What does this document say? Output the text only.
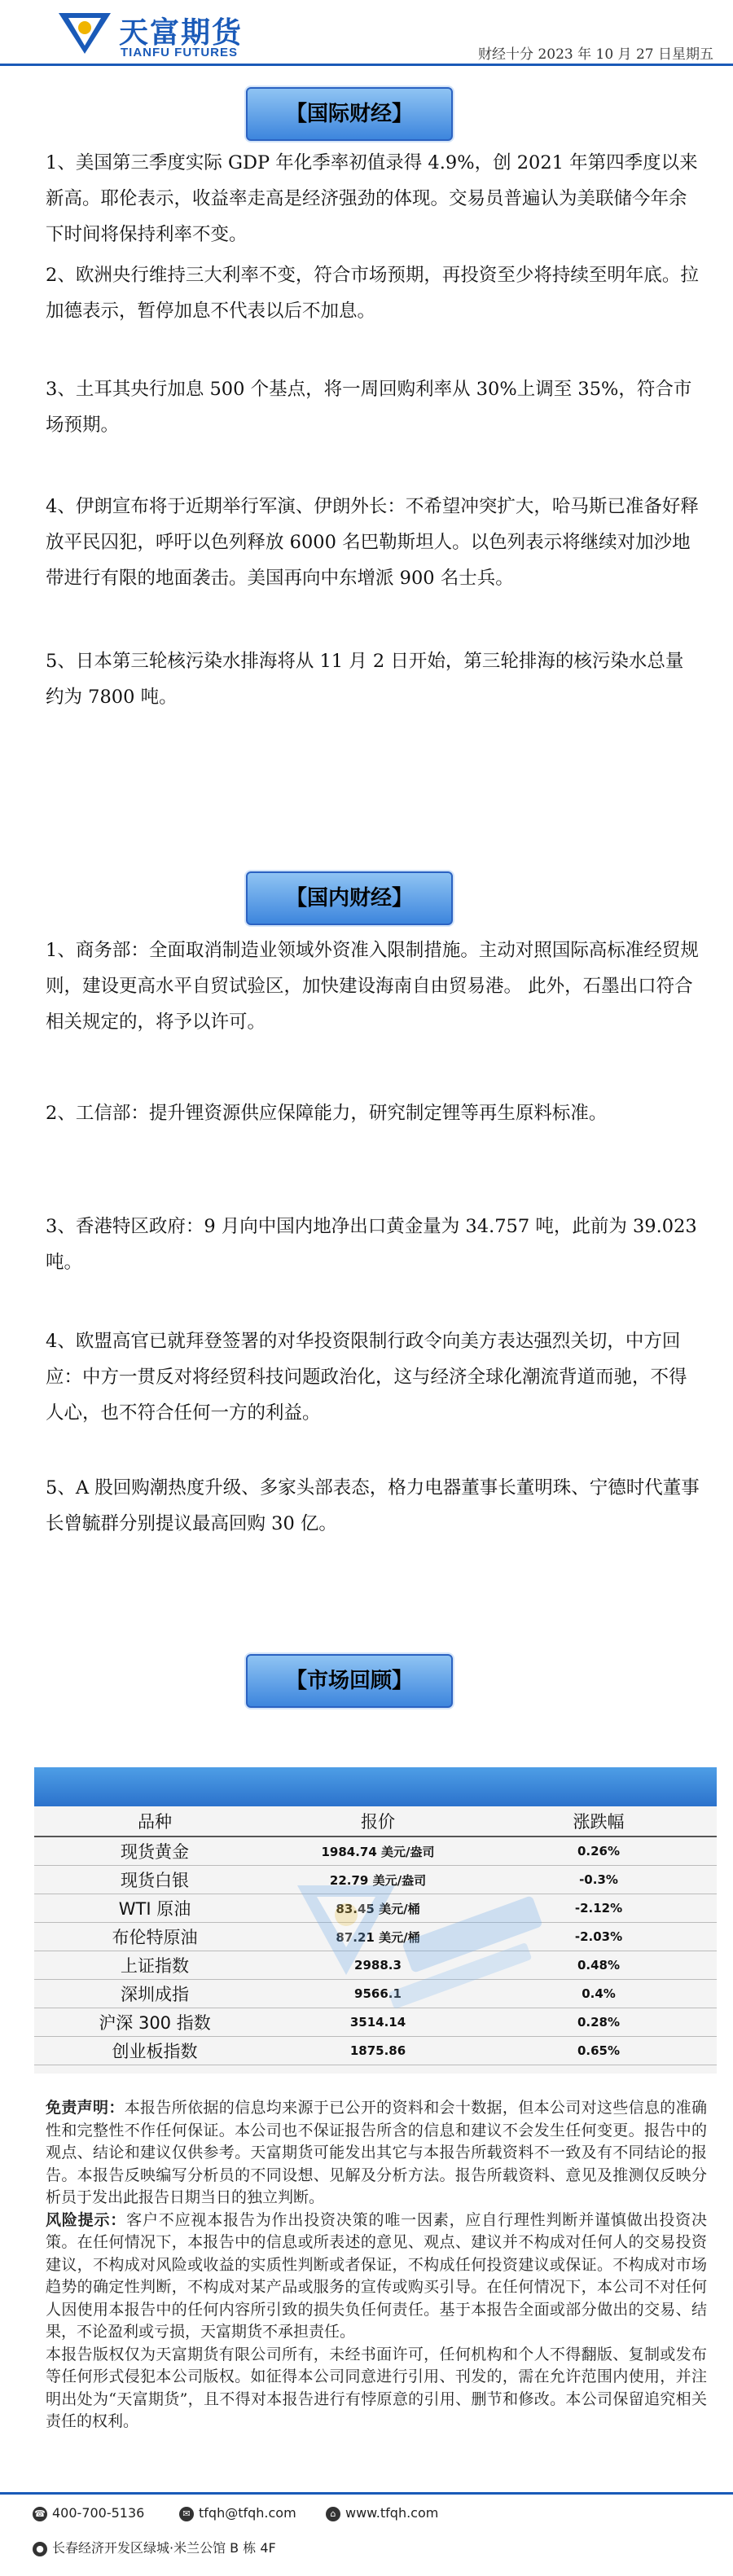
天富期货
TIANFU FUTURES	财经十分 2023 年 10 月 27 日星期五
【国际财经】

1、美国第三季度实际 GDP 年化季率初值录得 4.9%，创 2021 年第四季度以来新高。耶伦表示，收益率走高是经济强劲的体现。交易员普遍认为美联储今年余下时间将保持利率不变。

2、欧洲央行维持三大利率不变，符合市场预期，再投资至少将持续至明年底。拉加德表示，暂停加息不代表以后不加息。

3、土耳其央行加息 500 个基点，将一周回购利率从 30%上调至 35%，符合市场预期。

4、伊朗宣布将于近期举行军演、伊朗外长：不希望冲突扩大，哈马斯已准备好释放平民囚犯，呼吁以色列释放 6000 名巴勒斯坦人。以色列表示将继续对加沙地带进行有限的地面袭击。美国再向中东增派 900 名士兵。

5、日本第三轮核污染水排海将从 11 月 2 日开始，第三轮排海的核污染水总量约为 7800 吨。

【国内财经】

1、商务部：全面取消制造业领域外资准入限制措施。主动对照国际高标准经贸规则，建设更高水平自贸试验区，加快建设海南自由贸易港。 此外，石墨出口符合相关规定的，将予以许可。

2、工信部：提升锂资源供应保障能力，研究制定锂等再生原料标准。

3、香港特区政府：9 月向中国内地净出口黄金量为 34.757 吨，此前为 39.023 吨。

4、欧盟高官已就拜登签署的对华投资限制行政令向美方表达强烈关切，中方回应：中方一贯反对将经贸科技问题政治化，这与经济全球化潮流背道而驰，不得人心，也不符合任何一方的利益。

5、A 股回购潮热度升级、多家头部表态，格力电器董事长董明珠、宁德时代董事长曾毓群分别提议最高回购 30 亿。

【市场回顾】
品种	报价	涨跌幅
现货黄金	1984.74 美元/盎司	0.26%
现货白银	22.79 美元/盎司	-0.3%
WTI 原油	83.45 美元/桶	-2.12%
布伦特原油	87.21 美元/桶	-2.03%
上证指数	2988.3	0.48%
深圳成指	9566.1	0.4%
沪深 300 指数	3514.14	0.28%
创业板指数	1875.86	0.65%

免责声明：本报告所依据的信息均来源于已公开的资料和会十数据，但本公司对这些信息的准确性和完整性不作任何保证。本公司也不保证报告所含的信息和建议不会发生任何变更。报告中的观点、结论和建议仅供参考。天富期货可能发出其它与本报告所载资料不一致及有不同结论的报告。本报告反映编写分析员的不同设想、见解及分析方法。报告所载资料、意见及推测仅反映分析员于发出此报告日期当日的独立判断。
风险提示：客户不应视本报告为作出投资决策的唯一因素，应自行理性判断并谨慎做出投资决策。在任何情况下，本报告中的信息或所表述的意见、观点、建议并不构成对任何人的交易投资建议，不构成对风险或收益的实质性判断或者保证，不构成任何投资建议或保证。不构成对市场趋势的确定性判断，不构成对某产品或服务的宣传或购买引导。在任何情况下，本公司不对任何人因使用本报告中的任何内容所引致的损失负任何责任。基于本报告全面或部分做出的交易、结果，不论盈利或亏损，天富期货不承担责任。
本报告版权仅为天富期货有限公司所有，未经书面许可，任何机构和个人不得翻版、复制或发布等任何形式侵犯本公司版权。如征得本公司同意进行引用、刊发的，需在允许范围内使用，并注明出处为“天富期货”，且不得对本报告进行有悖原意的引用、删节和修改。本公司保留追究相关责任的权利。

☎ 400-700-5136	✉ tfqh@tfqh.com	⌂ www.tfqh.com
● 长春经济开发区绿城·米兰公馆 B 栋 4F
